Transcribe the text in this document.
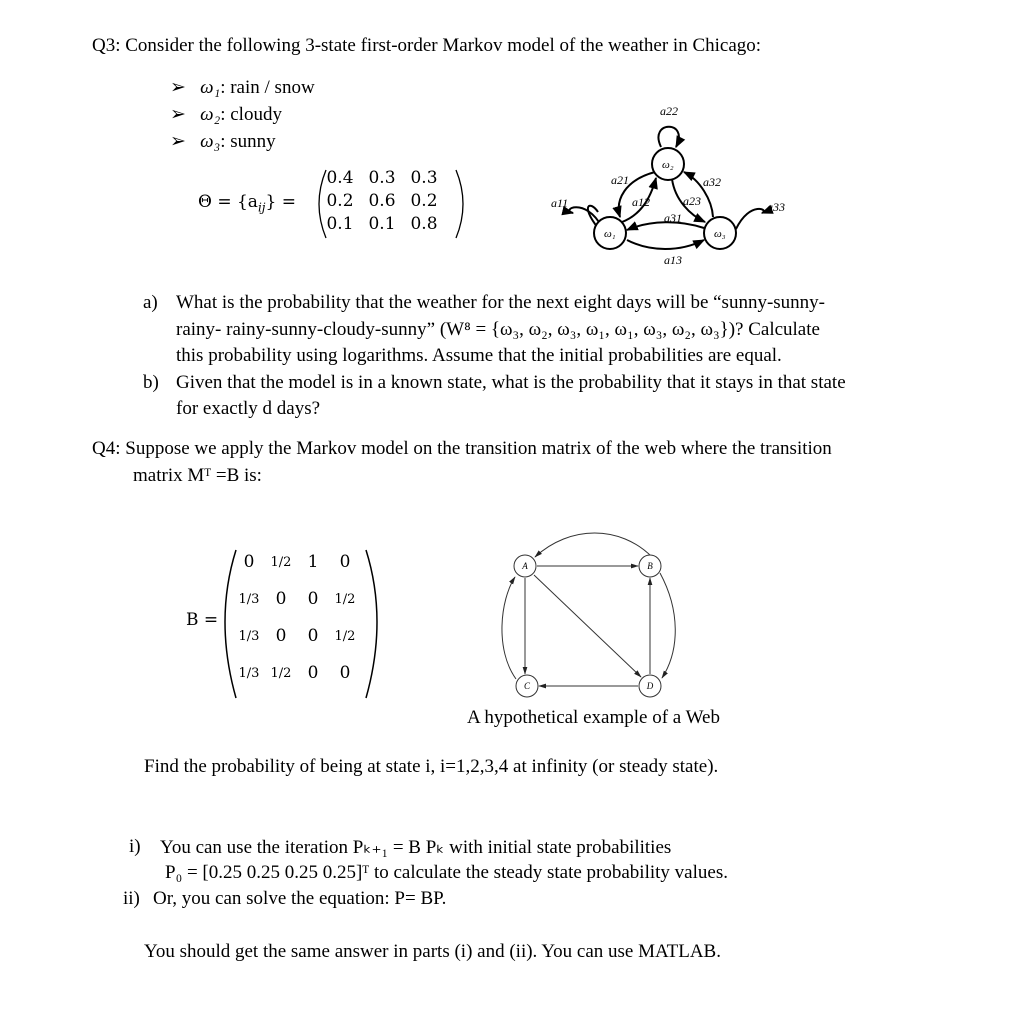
Q3: Consider the following 3-state first-order Markov model of the weather in Chicago:
➢ ω₁: rain / snow
➢ ω₂: cloudy
➢ ω₃: sunny
$\Theta = \{a_{ij}\}$ =
0.4 0.3 0.3
0.2 0.6 0.2
0.1 0.1 0.8
a) What is the probability that the weather for the next eight days will be “sunny-sunny-
rainy- rainy-sunny-cloudy-sunny” (W⁸ = {ω₃, ω₂, ω₃, ω₁, ω₁, ω₃, ω₂, ω₃})? Calculate
this probability using logarithms. Assume that the initial probabilities are equal.
b) Given that the model is in a known state, what is the probability that it stays in that state
for exactly d days?
Q4: Suppose we apply the Markov model on the transition matrix of the web where the transition
matrix Mᵀ =B is:
B =
0	1/2 1	0
1/3 0	0	1/2
1/3 0	0	1/2
1/3 1/2 0	0
A hypothetical example of a Web
Find the probability of being at state i, i=1,2,3,4 at infinity (or steady state).
i) You can use the iteration Pₖ₊₁ = B Pₖ with initial state probabilities
P₀ = [0.25 0.25 0.25 0.25]ᵀ to calculate the steady state probability values.
ii) Or, you can solve the equation: P= BP.
You should get the same answer in parts (i) and (ii). You can use MATLAB.
ω₂
ω₁	ω₃
a22
a21
a12
a32
a23
a11
a31
a33
a13
A	B
C	D
